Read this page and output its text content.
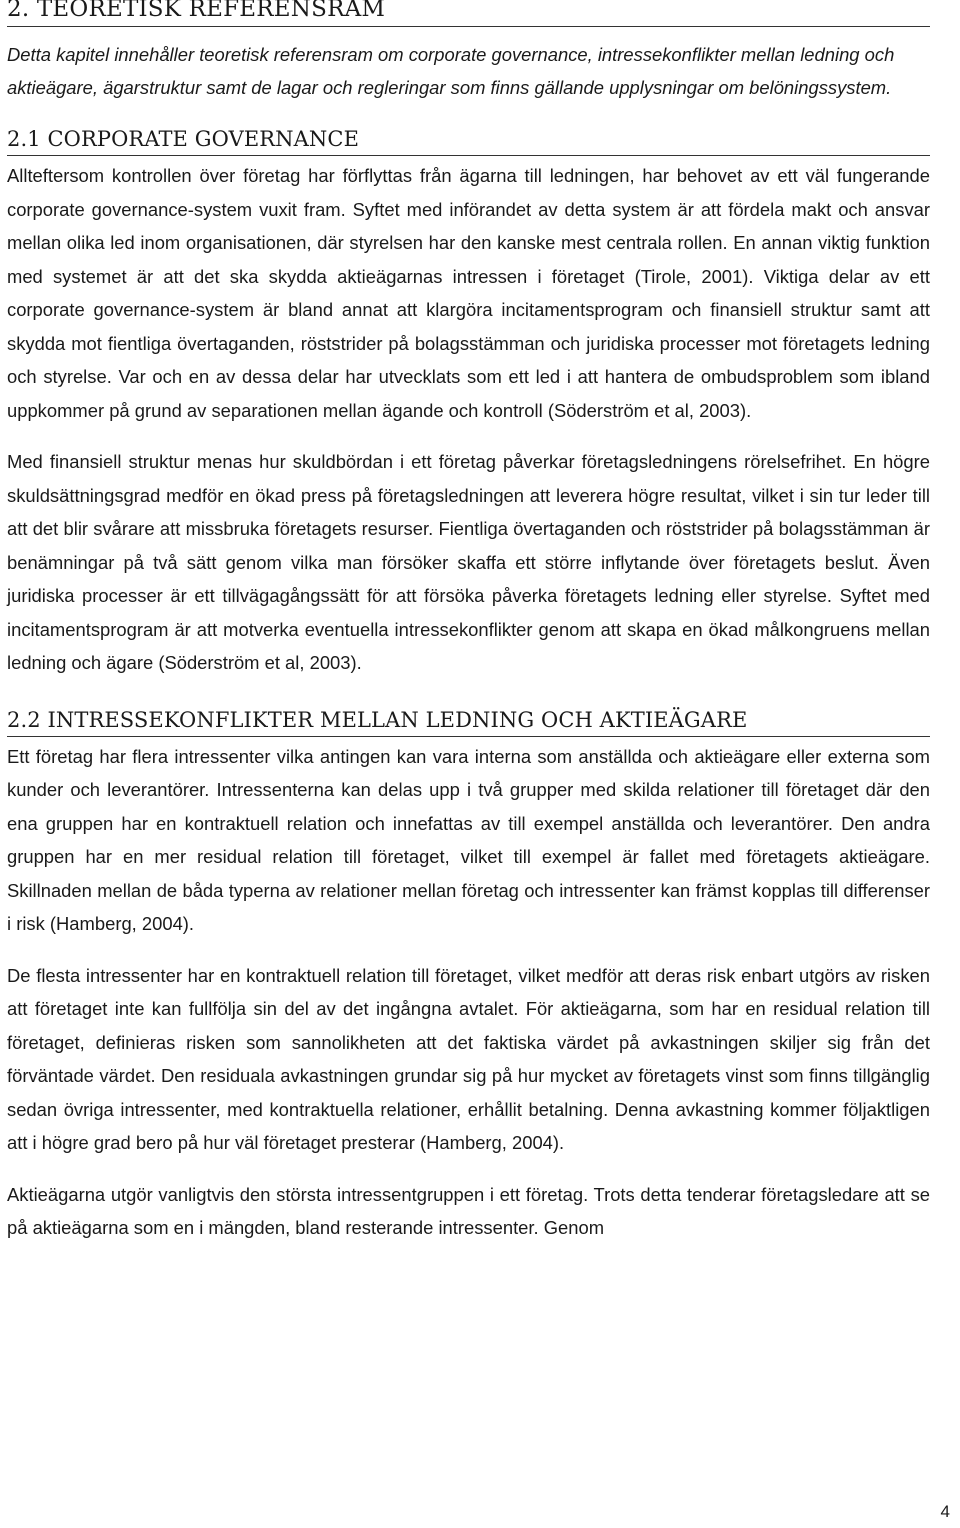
2. TEORETISK REFERENSRAM

Detta kapitel innehåller teoretisk referensram om corporate governance, intressekonflikter mellan ledning och aktieägare, ägarstruktur samt de lagar och regleringar som finns gällande upplysningar om belöningssystem.

2.1 CORPORATE GOVERNANCE

Allteftersom kontrollen över företag har förflyttas från ägarna till ledningen, har behovet av ett väl fungerande corporate governance-system vuxit fram. Syftet med införandet av detta system är att fördela makt och ansvar mellan olika led inom organisationen, där styrelsen har den kanske mest centrala rollen. En annan viktig funktion med systemet är att det ska skydda aktieägarnas intressen i företaget (Tirole, 2001). Viktiga delar av ett corporate governance-system är bland annat att klargöra incitamentsprogram och finansiell struktur samt att skydda mot fientliga övertaganden, röststrider på bolagsstämman och juridiska processer mot företagets ledning och styrelse. Var och en av dessa delar har utvecklats som ett led i att hantera de ombudsproblem som ibland uppkommer på grund av separationen mellan ägande och kontroll (Söderström et al, 2003).

Med finansiell struktur menas hur skuldbördan i ett företag påverkar företagsledningens rörelsefrihet. En högre skuldsättningsgrad medför en ökad press på företagsledningen att leverera högre resultat, vilket i sin tur leder till att det blir svårare att missbruka företagets resurser. Fientliga övertaganden och röststrider på bolagsstämman är benämningar på två sätt genom vilka man försöker skaffa ett större inflytande över företagets beslut. Även juridiska processer är ett tillvägagångssätt för att försöka påverka företagets ledning eller styrelse. Syftet med incitamentsprogram är att motverka eventuella intressekonflikter genom att skapa en ökad målkongruens mellan ledning och ägare (Söderström et al, 2003).

2.2 INTRESSEKONFLIKTER MELLAN LEDNING OCH AKTIEÄGARE

Ett företag har flera intressenter vilka antingen kan vara interna som anställda och aktieägare eller externa som kunder och leverantörer. Intressenterna kan delas upp i två grupper med skilda relationer till företaget där den ena gruppen har en kontraktuell relation och innefattas av till exempel anställda och leverantörer. Den andra gruppen har en mer residual relation till företaget, vilket till exempel är fallet med företagets aktieägare. Skillnaden mellan de båda typerna av relationer mellan företag och intressenter kan främst kopplas till differenser i risk (Hamberg, 2004).

De flesta intressenter har en kontraktuell relation till företaget, vilket medför att deras risk enbart utgörs av risken att företaget inte kan fullfölja sin del av det ingångna avtalet. För aktieägarna, som har en residual relation till företaget, definieras risken som sannolikheten att det faktiska värdet på avkastningen skiljer sig från det förväntade värdet. Den residuala avkastningen grundar sig på hur mycket av företagets vinst som finns tillgänglig sedan övriga intressenter, med kontraktuella relationer, erhållit betalning. Denna avkastning kommer följaktligen att i högre grad bero på hur väl företaget presterar (Hamberg, 2004).

Aktieägarna utgör vanligtvis den största intressentgruppen i ett företag. Trots detta tenderar företagsledare att se på aktieägarna som en i mängden, bland resterande intressenter. Genom

4
